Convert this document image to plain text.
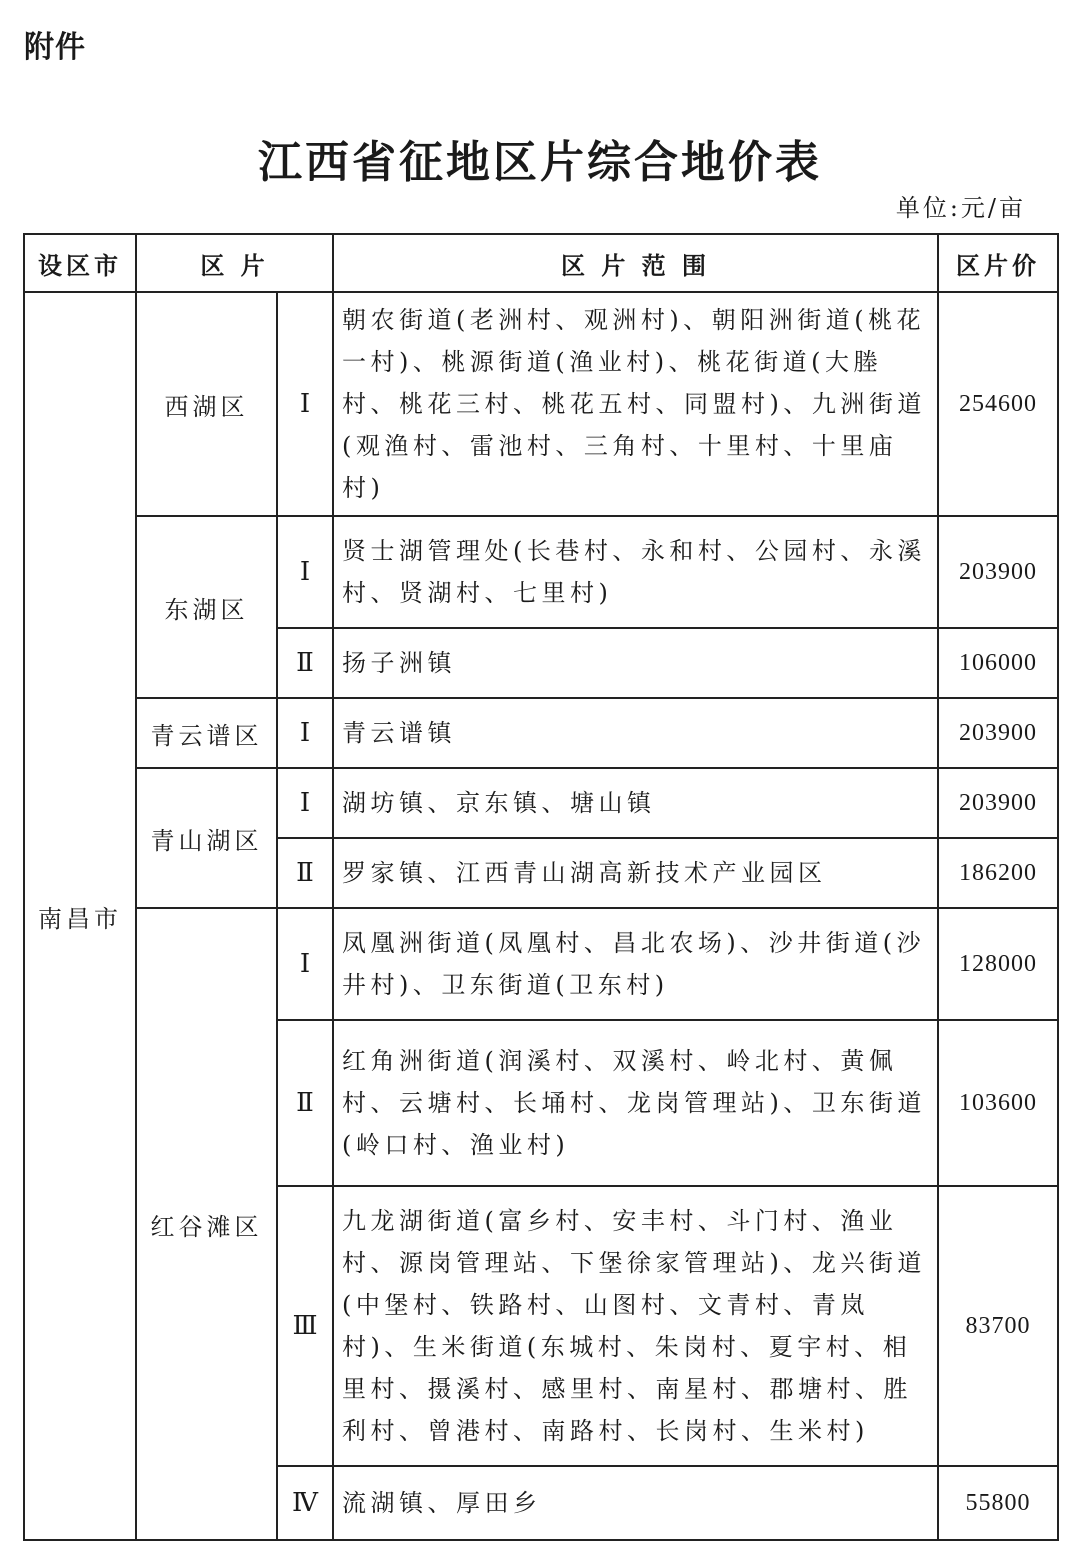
附件
江西省征地区片综合地价表
单位:元/亩
设区市	区 片		区 片 范 围	区片价
南昌市	西湖区	Ⅰ	朝农街道(老洲村、观洲村)、朝阳洲街道(桃花一村)、桃源街道(渔业村)、桃花街道(大塍村、桃花三村、桃花五村、同盟村)、九洲街道(观渔村、雷池村、三角村、十里村、十里庙村)	254600
	东湖区	Ⅰ	贤士湖管理处(长巷村、永和村、公园村、永溪村、贤湖村、七里村)	203900
		Ⅱ	扬子洲镇	106000
	青云谱区	Ⅰ	青云谱镇	203900
	青山湖区	Ⅰ	湖坊镇、京东镇、塘山镇	203900
		Ⅱ	罗家镇、江西青山湖高新技术产业园区	186200
	红谷滩区	Ⅰ	凤凰洲街道(凤凰村、昌北农场)、沙井街道(沙井村)、卫东街道(卫东村)	128000
		Ⅱ	红角洲街道(润溪村、双溪村、岭北村、黄佩村、云塘村、长埇村、龙岗管理站)、卫东街道(岭口村、渔业村)	103600
		Ⅲ	九龙湖街道(富乡村、安丰村、斗门村、渔业村、源岗管理站、下堡徐家管理站)、龙兴街道(中堡村、铁路村、山图村、文青村、青岚村)、生米街道(东城村、朱岗村、夏宇村、相里村、摄溪村、感里村、南星村、郡塘村、胜利村、曾港村、南路村、长岗村、生米村)	83700
		Ⅳ	流湖镇、厚田乡	55800
